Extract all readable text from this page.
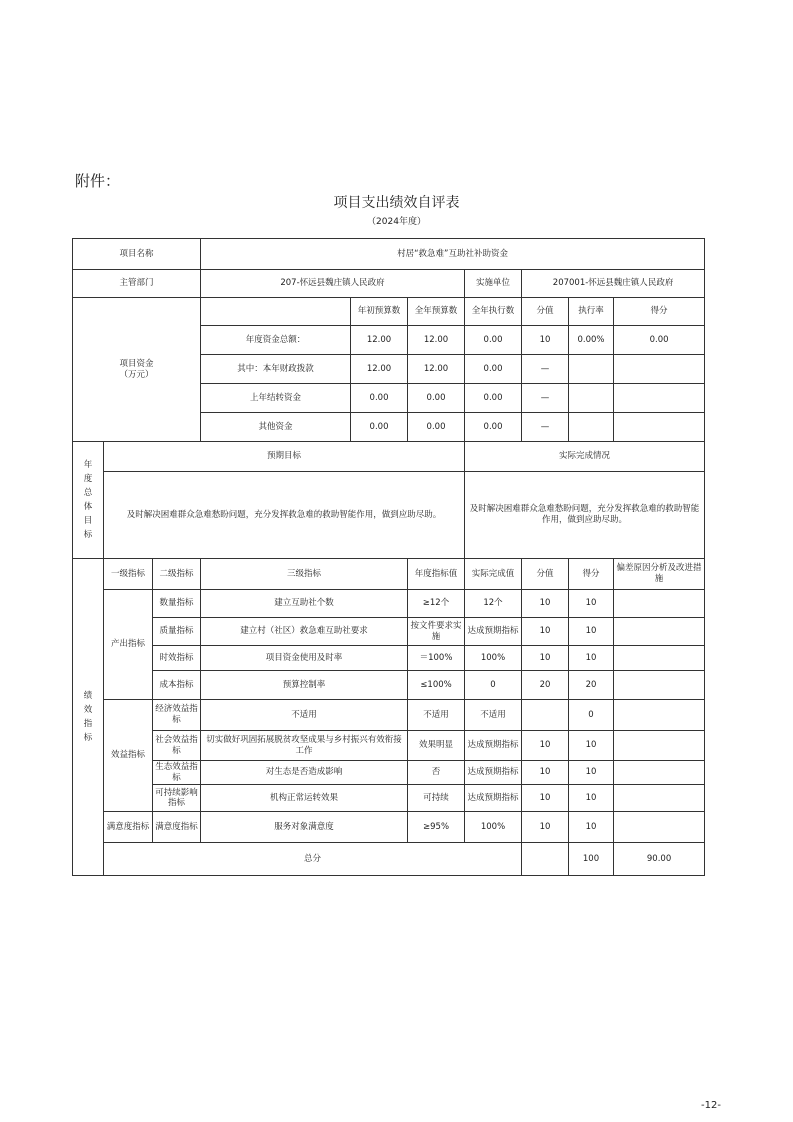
附件：
项目支出绩效自评表
（2024年度）
项目名称			村居“救急难”互助社补助资金							
主管部门			207-怀远县魏庄镇人民政府			实施单位	207001-怀远县魏庄镇人民政府			
项目资金
（万元）				年初预算数	全年预算数	全年执行数	分值	执行率	得分	
			年度资金总额：	12.00	12.00	0.00	10	0.00%	0.00	
			其中：本年财政拨款	12.00	12.00	0.00	—			
			上年结转资金	0.00	0.00	0.00	—			
			其他资金	0.00	0.00	0.00	—			

年度总体目标	预期目标					实际完成情况				
	及时解决困难群众急难愁盼问题，充分发挥救急难的救助智能作用，做到应助尽助。					及时解决困难群众急难愁盼问题，充分发挥救急难的救助智能作用，做到应助尽助。				

绩效指标	一级指标	二级指标	三级指标		年度指标值	实际完成值	分值	得分	偏差原因分析及改进措施	
	产出指标	数量指标	建立互助社个数		≥12个	12个	10	10		
		质量指标	建立村（社区）救急难互助社要求		按文件要求实施	达成预期指标	10	10		
		时效指标	项目资金使用及时率		＝100%	100%	10	10		
		成本指标	预算控制率		≤100%	0	20	20		
	效益指标	经济效益指标	不适用		不适用	不适用		0		
		社会效益指标	切实做好巩固拓展脱贫攻坚成果与乡村振兴有效衔接工作		效果明显	达成预期指标	10	10		
		生态效益指标	对生态是否造成影响		否	达成预期指标	10	10		
		可持续影响指标	机构正常运转效果		可持续	达成预期指标	10	10		
	满意度指标	满意度指标	服务对象满意度		≥95%	100%	10	10		
	总分							100	90.00	
-12-
